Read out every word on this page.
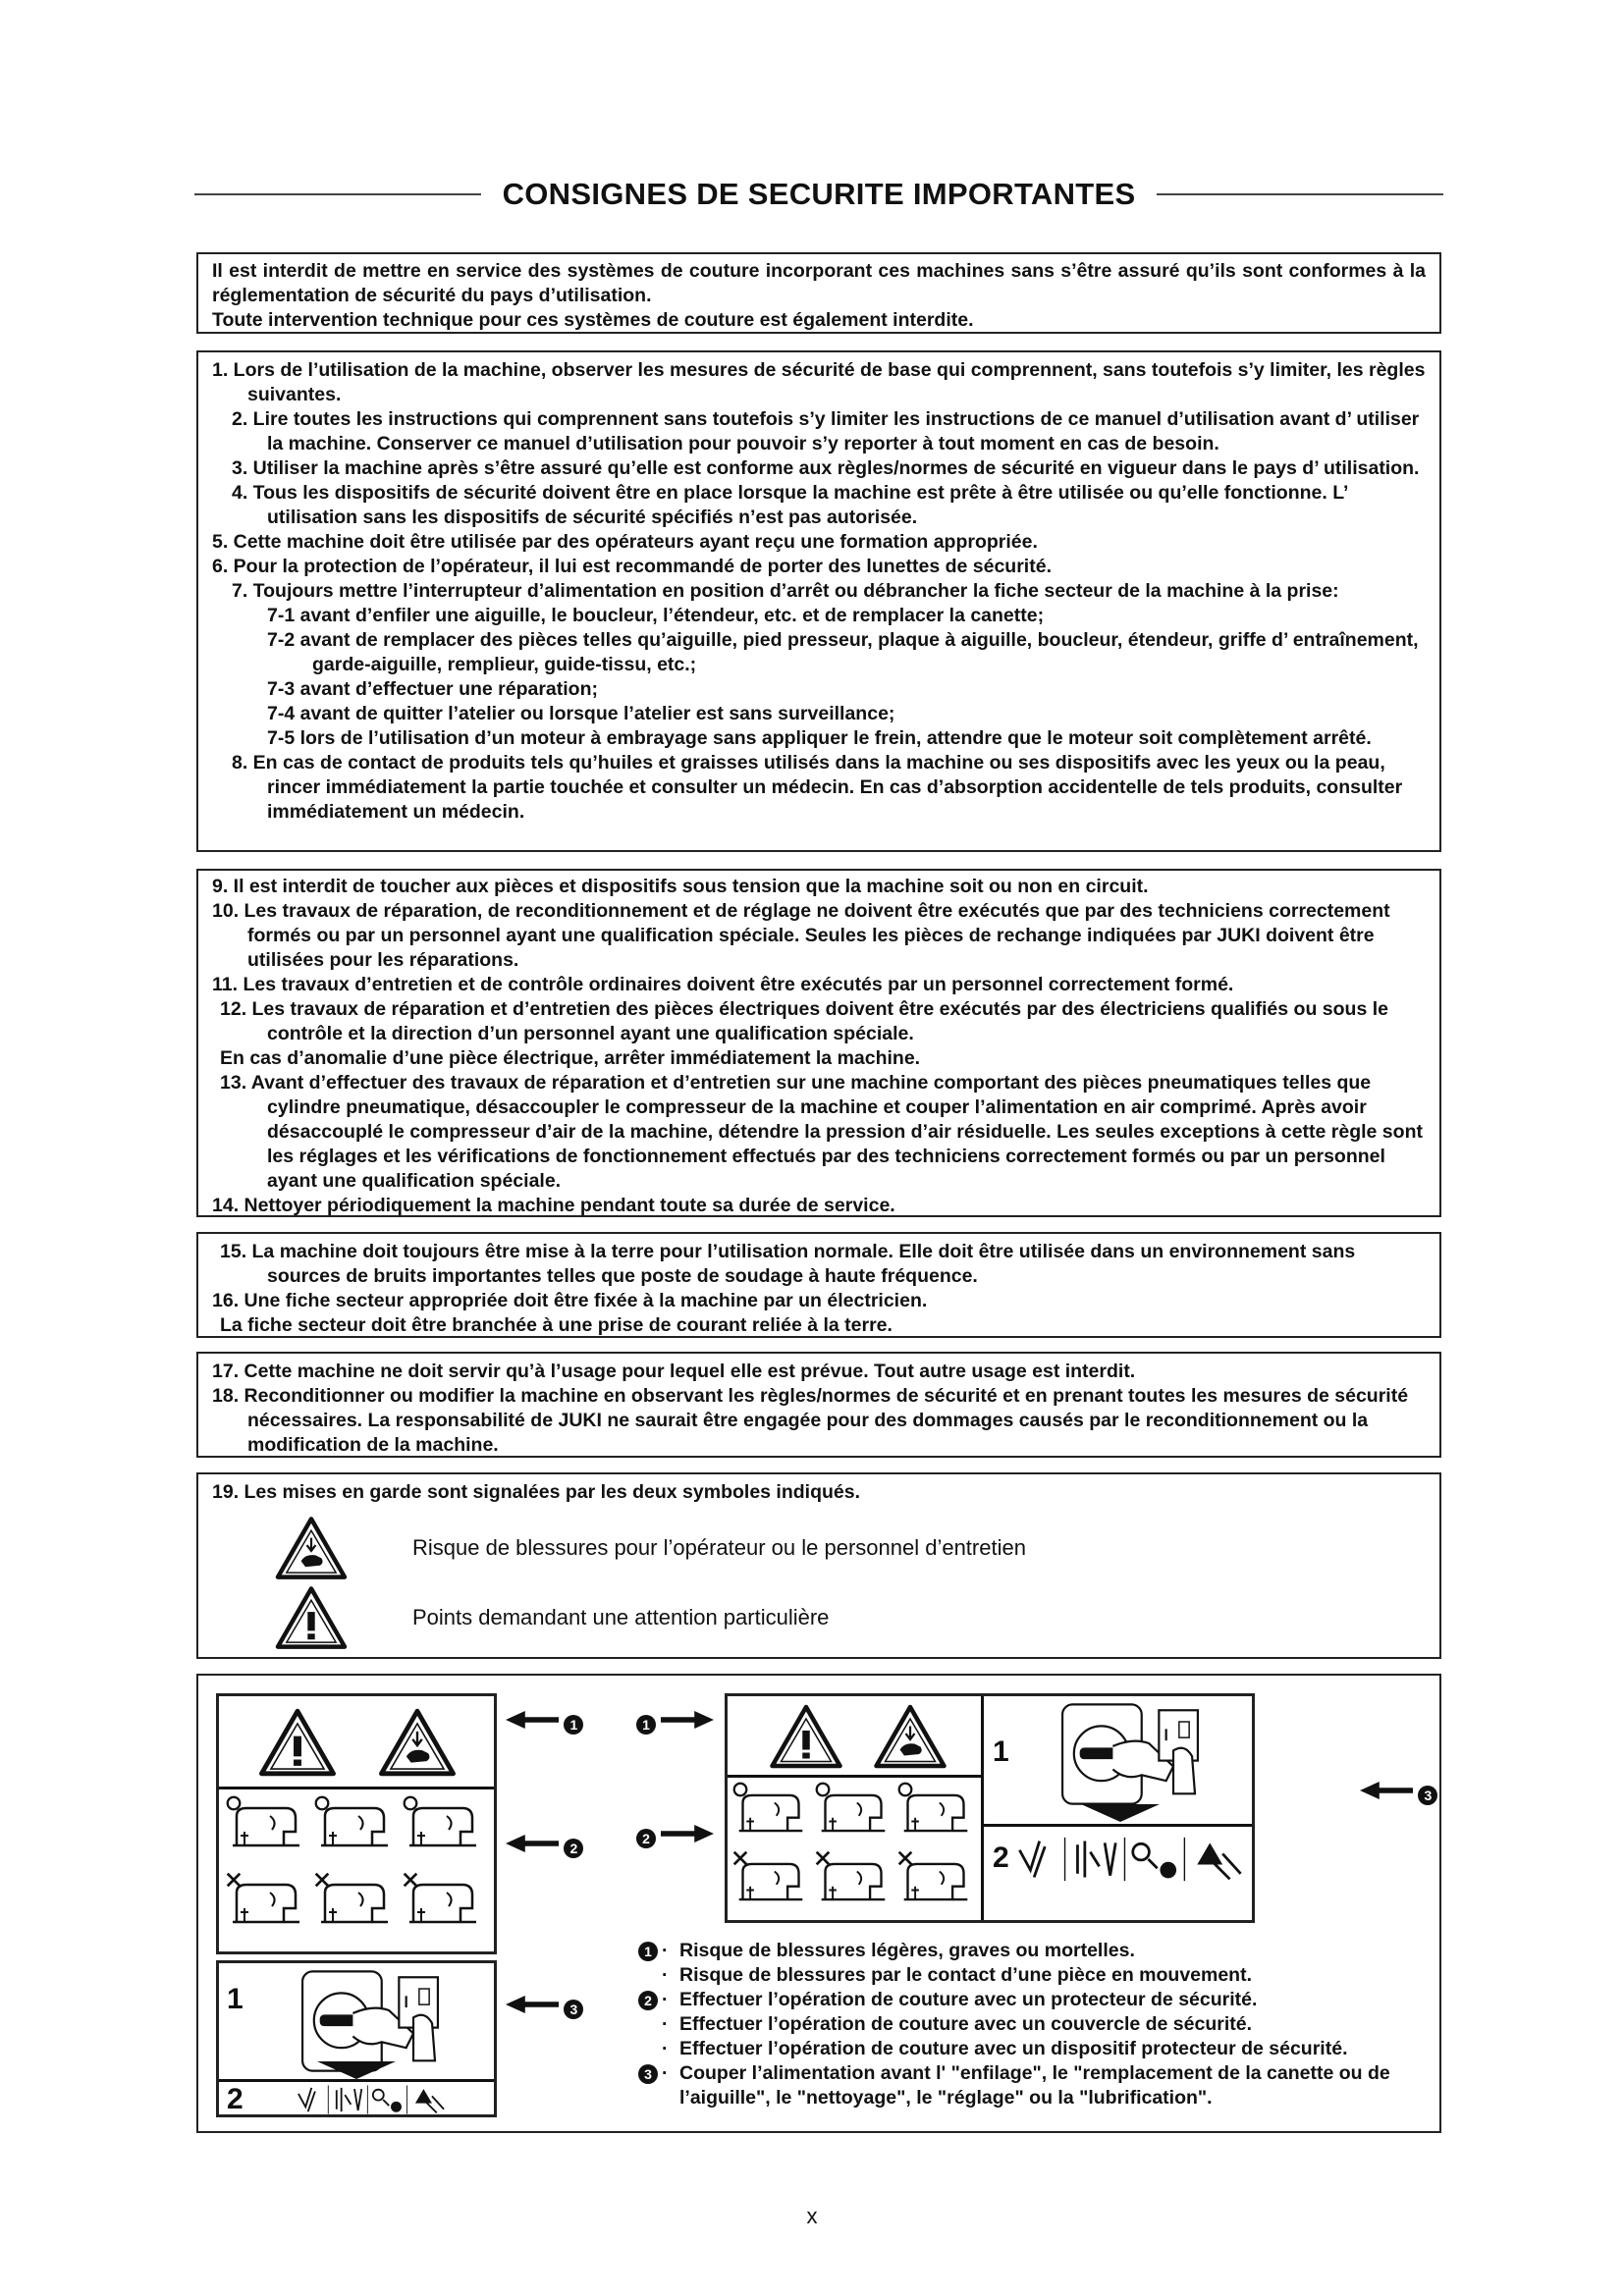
CONSIGNES DE SECURITE IMPORTANTES

Il est interdit de mettre en service des systèmes de couture incorporant ces machines sans s’être assuré qu’ils sont conformes à la réglementation de sécurité du pays d’utilisation.

Toute intervention technique pour ces systèmes de couture est également interdite.

1. Lors de l’utilisation de la machine, observer les mesures de sécurité de base qui comprennent, sans toutefois s’y limiter, les règles suivantes.

2. Lire toutes les instructions qui comprennent sans toutefois s’y limiter les instructions de ce manuel d’utilisation avant d’ utiliser la machine. Conserver ce manuel d’utilisation pour pouvoir s’y reporter à tout moment en cas de besoin.

3. Utiliser la machine après s’être assuré qu’elle est conforme aux règles/normes de sécurité en vigueur dans le pays d’ utilisation.

4. Tous les dispositifs de sécurité doivent être en place lorsque la machine est prête à être utilisée ou qu’elle fonctionne. L’ utilisation sans les dispositifs de sécurité spécifiés n’est pas autorisée.

5. Cette machine doit être utilisée par des opérateurs ayant reçu une formation appropriée.

6. Pour la protection de l’opérateur, il lui est recommandé de porter des lunettes de sécurité.

7. Toujours mettre l’interrupteur d’alimentation en position d’arrêt ou débrancher la fiche secteur de la machine à la prise:

7-1 avant d’enfiler une aiguille, le boucleur, l’étendeur, etc. et de remplacer la canette;

7-2 avant de remplacer des pièces telles qu’aiguille, pied presseur, plaque à aiguille, boucleur, étendeur, griffe d’ entraînement, garde-aiguille, remplieur, guide-tissu, etc.;

7-3 avant d’effectuer une réparation;

7-4 avant de quitter l’atelier ou lorsque l’atelier est sans surveillance;

7-5 lors de l’utilisation d’un moteur à embrayage sans appliquer le frein, attendre que le moteur soit complètement arrêté.

8. En cas de contact de produits tels qu’huiles et graisses utilisés dans la machine ou ses dispositifs avec les yeux ou la peau, rincer immédiatement la partie touchée et consulter un médecin. En cas d’absorption accidentelle de tels produits, consulter immédiatement un médecin.

9. Il est interdit de toucher aux pièces et dispositifs sous tension que la machine soit ou non en circuit.

10. Les travaux de réparation, de reconditionnement et de réglage ne doivent être exécutés que par des techniciens correctement formés ou par un personnel ayant une qualification spéciale. Seules les pièces de rechange indiquées par JUKI doivent être utilisées pour les réparations.

11. Les travaux d’entretien et de contrôle ordinaires doivent être exécutés par un personnel correctement formé.

12. Les travaux de réparation et d’entretien des pièces électriques doivent être exécutés par des électriciens qualifiés ou sous le contrôle et la direction d’un personnel ayant une qualification spéciale.

En cas d’anomalie d’une pièce électrique, arrêter immédiatement la machine.

13. Avant d’effectuer des travaux de réparation et d’entretien sur une machine comportant des pièces pneumatiques telles que cylindre pneumatique, désaccoupler le compresseur de la machine et couper l’alimentation en air comprimé. Après avoir désaccouplé le compresseur d’air de la machine, détendre la pression d’air résiduelle. Les seules exceptions à cette règle sont les réglages et les vérifications de fonctionnement effectués par des techniciens correctement formés ou par un personnel ayant une qualification spéciale.

14. Nettoyer périodiquement la machine pendant toute sa durée de service.

15. La machine doit toujours être mise à la terre pour l’utilisation normale. Elle doit être utilisée dans un environnement sans sources de bruits importantes telles que poste de soudage à haute fréquence.

16. Une fiche secteur appropriée doit être fixée à la machine par un électricien.

La fiche secteur doit être branchée à une prise de courant reliée à la terre.

17. Cette machine ne doit servir qu’à l’usage pour lequel elle est prévue. Tout autre usage est interdit.

18. Reconditionner ou modifier la machine en observant les règles/normes de sécurité et en prenant toutes les mesures de sécurité nécessaires. La responsabilité de JUKI ne saurait être engagée pour des dommages causés par le reconditionnement ou la modification de la machine.

19. Les mises en garde sont signalées par les deux symboles indiqués.

Risque de blessures pour l’opérateur ou le personnel d’entretien
Points demandant une attention particulière
1
2
1
2
3
1
2
1
2
3
1 · Risque de blessures légères, graves ou mortelles.
· Risque de blessures par le contact d’une pièce en mouvement.
2 · Effectuer l’opération de couture avec un protecteur de sécurité.
· Effectuer l’opération de couture avec un couvercle de sécurité.
· Effectuer l’opération de couture avec un dispositif protecteur de sécurité.
3 · Couper l’alimentation avant l' "enfilage", le "remplacement de la canette ou de l’aiguille", le "nettoyage", le "réglage" ou la "lubrification".
x
